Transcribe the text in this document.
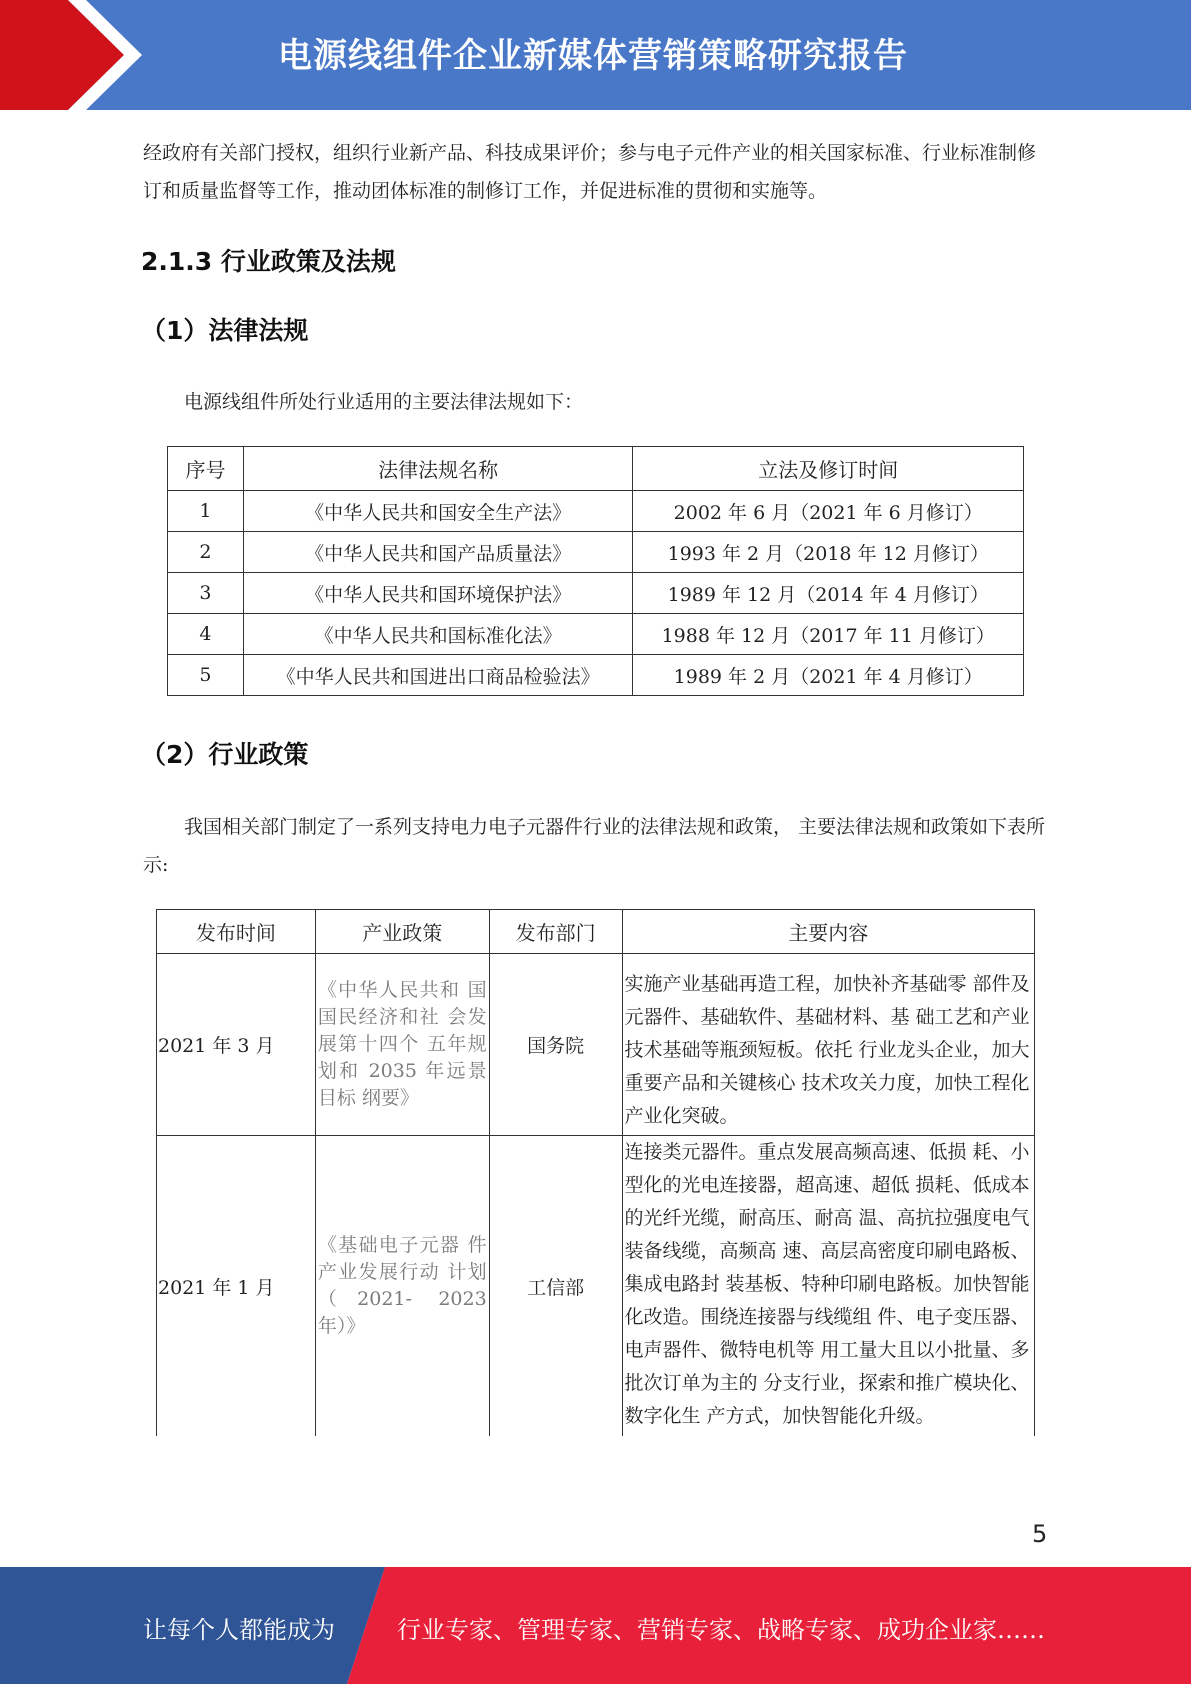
电源线组件企业新媒体营销策略研究报告
经政府有关部门授权，组织行业新产品、科技成果评价；参与电子元件产业的相关国家标准、行业标准制修订和质量监督等工作，推动团体标准的制修订工作，并促进标准的贯彻和实施等。
2.1.3 行业政策及法规
（1）法律法规
电源线组件所处行业适用的主要法律法规如下：
序号	法律法规名称	立法及修订时间
1	《中华人民共和国安全生产法》	2002 年 6 月（2021 年 6 月修订）
2	《中华人民共和国产品质量法》	1993 年 2 月（2018 年 12 月修订）
3	《中华人民共和国环境保护法》	1989 年 12 月（2014 年 4 月修订）
4	《中华人民共和国标准化法》	1988 年 12 月（2017 年 11 月修订）
5	《中华人民共和国进出口商品检验法》	1989 年 2 月（2021 年 4 月修订）
（2）行业政策
我国相关部门制定了一系列支持电力电子元器件行业的法律法规和政策， 主要法律法规和政策如下表所示:
发布时间	产业政策	发布部门	主要内容
2021 年 3 月	《中华人民共和 国国民经济和社 会发展第十四个 五年规划和 2035 年远景目标 纲要》	国务院	实施产业基础再造工程，加快补齐基础零 部件及元器件、基础软件、基础材料、基 础工艺和产业技术基础等瓶颈短板。依托 行业龙头企业，加大重要产品和关键核心 技术攻关力度，加快工程化产业化突破。
2021 年 1 月	《基础电子元器 件产业发展行动 计划（2021- 2023 年）》	工信部	连接类元器件。重点发展高频高速、低损 耗、小型化的光电连接器，超高速、超低 损耗、低成本的光纤光缆，耐高压、耐高 温、高抗拉强度电气装备线缆，高频高 速、高层高密度印刷电路板、集成电路封 装基板、特种印刷电路板。加快智能化改造。围绕连接器与线缆组 件、电子变压器、电声器件、微特电机等 用工量大且以小批量、多批次订单为主的 分支行业，探索和推广模块化、数字化生 产方式，加快智能化升级。
5
让每个人都能成为	行业专家、管理专家、营销专家、战略专家、成功企业家……
